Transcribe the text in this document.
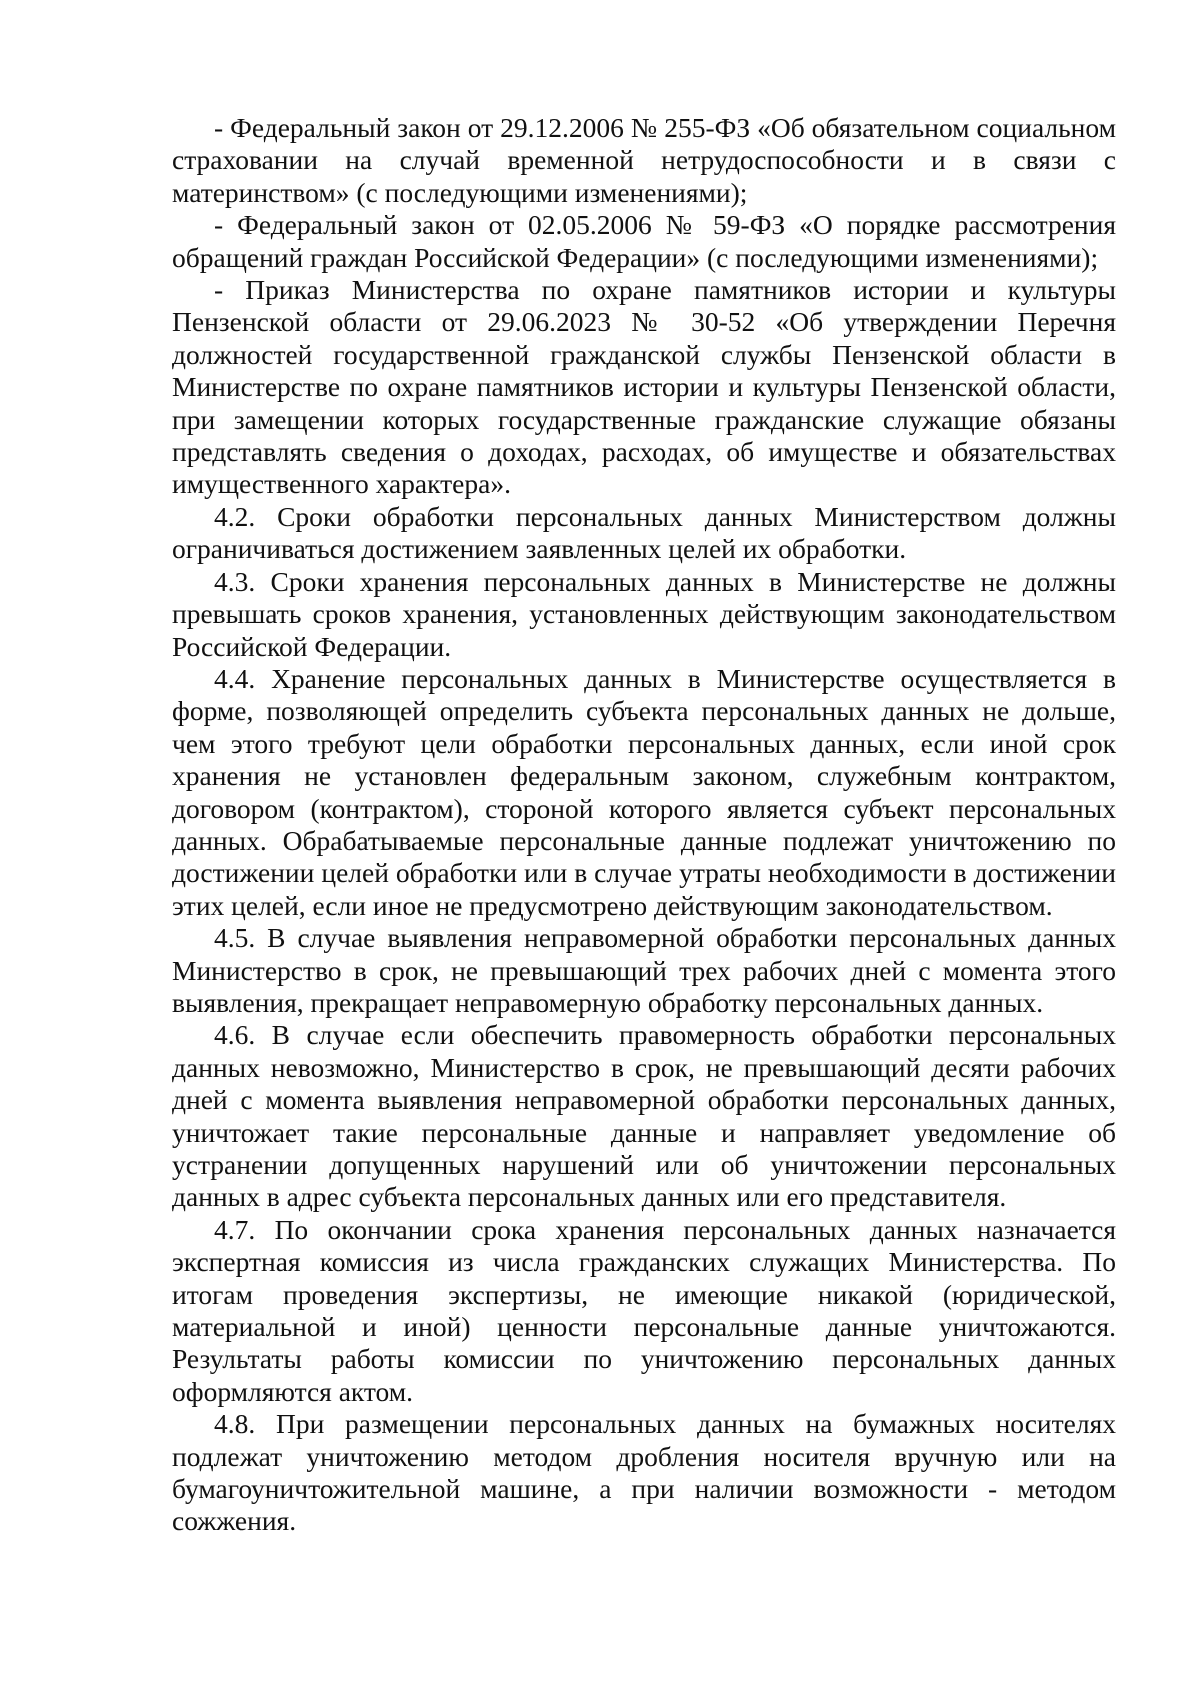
- Федеральный закон от 29.12.2006 № 255-ФЗ «Об обязательном социальном страховании на случай временной нетрудоспособности и в связи с материнством» (с последующими изменениями);

- Федеральный закон от 02.05.2006 № 59-ФЗ «О порядке рассмотрения обращений граждан Российской Федерации» (с последующими изменениями);

- Приказ Министерства по охране памятников истории и культуры Пензенской области от 29.06.2023 № 30-52 «Об утверждении Перечня должностей государственной гражданской службы Пензенской области в Министерстве по охране памятников истории и культуры Пензенской области, при замещении которых государственные гражданские служащие обязаны представлять сведения о доходах, расходах, об имуществе и обязательствах имущественного характера».

4.2. Сроки обработки персональных данных Министерством должны ограничиваться достижением заявленных целей их обработки.

4.3. Сроки хранения персональных данных в Министерстве не должны превышать сроков хранения, установленных действующим законодательством Российской Федерации.

4.4. Хранение персональных данных в Министерстве осуществляется в форме, позволяющей определить субъекта персональных данных не дольше, чем этого требуют цели обработки персональных данных, если иной срок хранения не установлен федеральным законом, служебным контрактом, договором (контрактом), стороной которого является субъект персональных данных. Обрабатываемые персональные данные подлежат уничтожению по достижении целей обработки или в случае утраты необходимости в достижении этих целей, если иное не предусмотрено действующим законодательством.

4.5. В случае выявления неправомерной обработки персональных данных Министерство в срок, не превышающий трех рабочих дней с момента этого выявления, прекращает неправомерную обработку персональных данных.

4.6. В случае если обеспечить правомерность обработки персональных данных невозможно, Министерство в срок, не превышающий десяти рабочих дней с момента выявления неправомерной обработки персональных данных, уничтожает такие персональные данные и направляет уведомление об устранении допущенных нарушений или об уничтожении персональных данных в адрес субъекта персональных данных или его представителя.

4.7. По окончании срока хранения персональных данных назначается экспертная комиссия из числа гражданских служащих Министерства. По итогам проведения экспертизы, не имеющие никакой (юридической, материальной и иной) ценности персональные данные уничтожаются. Результаты работы комиссии по уничтожению персональных данных оформляются актом.

4.8. При размещении персональных данных на бумажных носителях подлежат уничтожению методом дробления носителя вручную или на бумагоуничтожительной машине, а при наличии возможности - методом сожжения.
